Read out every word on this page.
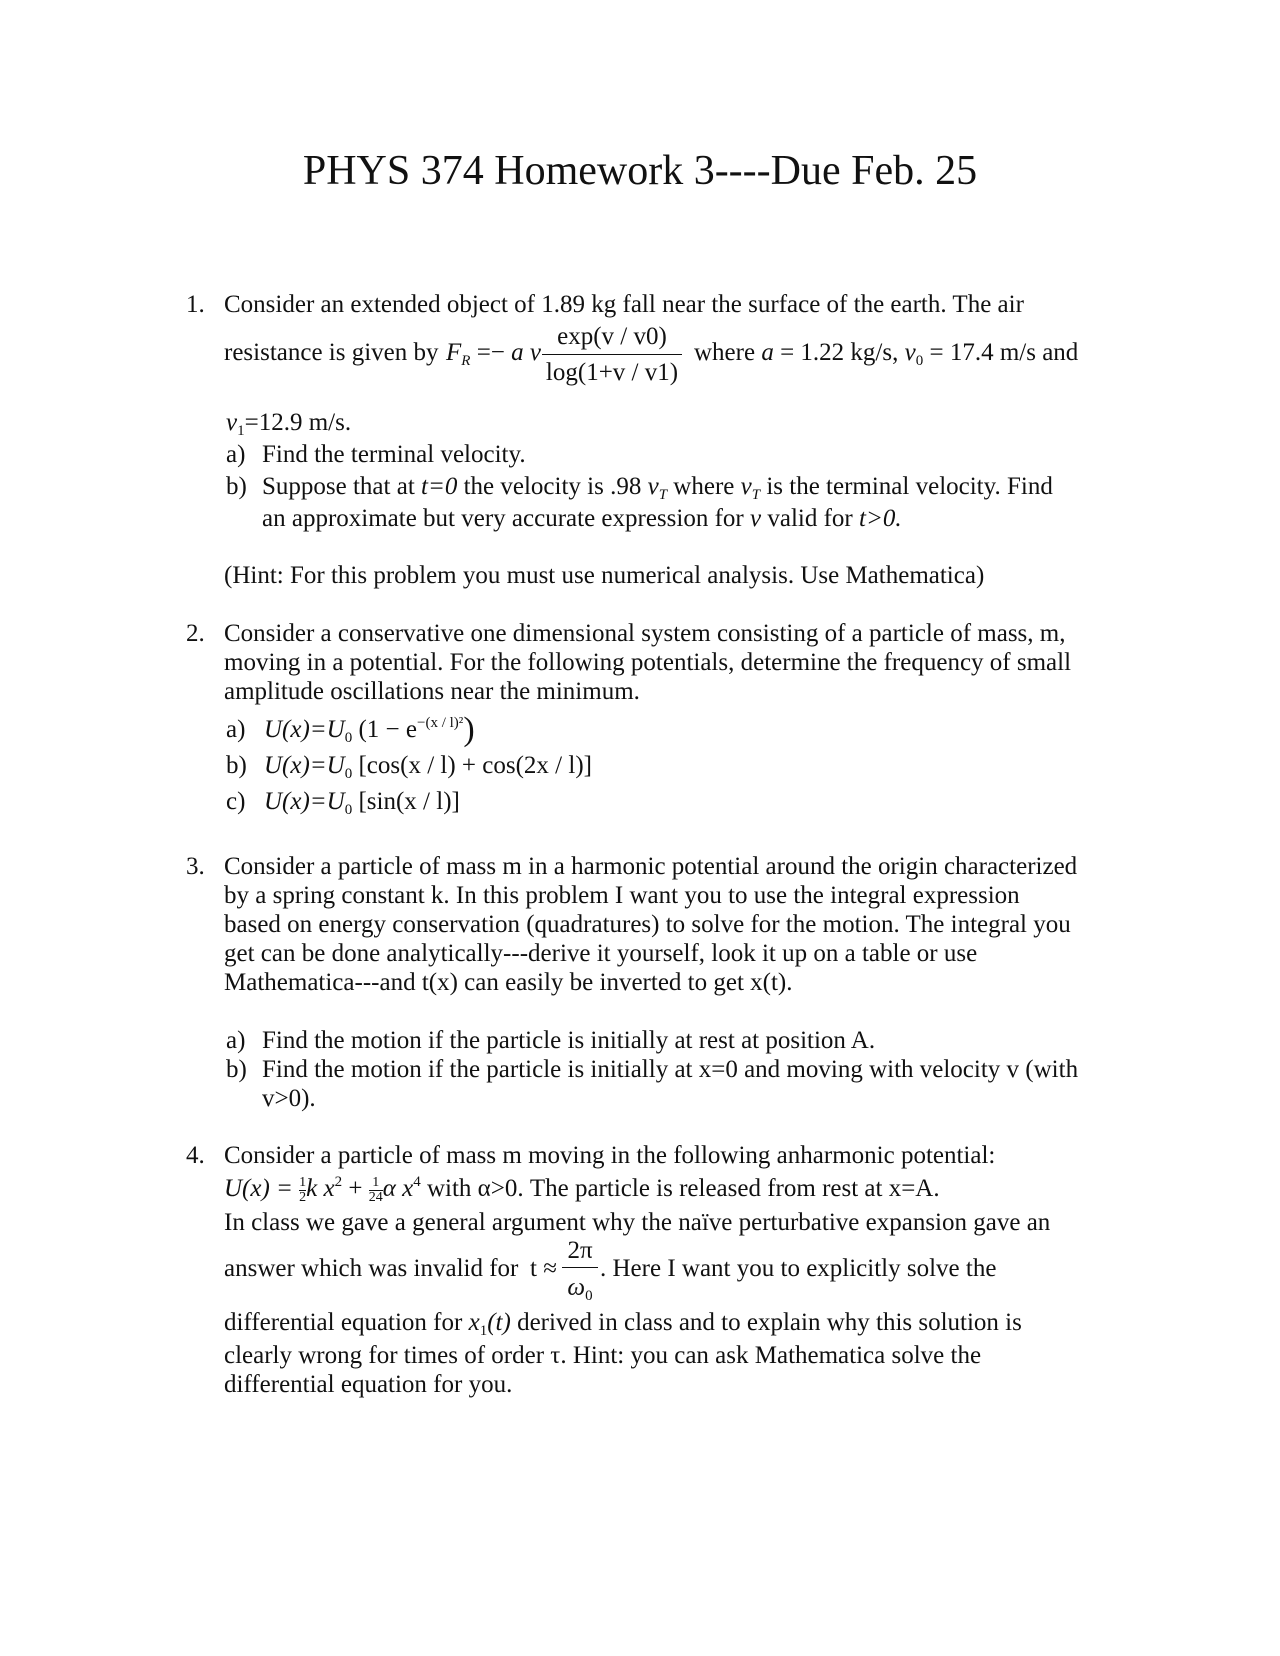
PHYS 374 Homework 3----Due Feb. 25
1. Consider an extended object of 1.89 kg fall near the surface of the earth. The air
resistance is given by $F_R =- a$ v
exp(v / v0)
log(1+v / v1)
where a = 1.22 kg/s, $v_0 = 17.4$ m/s and
$v_1=12.9$ m/s.
a) Find the terminal velocity.
b) Suppose that at t=0 the velocity is .98 $v_T$ where $v_T$ is the terminal velocity. Find
an approximate but very accurate expression for v valid for t>0.
(Hint: For this problem you must use numerical analysis. Use Mathematica)
2. Consider a conservative one dimensional system consisting of a particle of mass, m, moving in a potential. For the following potentials, determine the frequency of small amplitude oscillations near the minimum.
a) $U(x)=U_0$ $(1 - e^{-(x / l)^2})$
b) $U(x)=U_0$ [cos(x / l) + cos(2x / l)]
c) $U(x)=U_0$ [sin(x / l)]
3. Consider a particle of mass m in a harmonic potential around the origin characterized
by a spring constant k. In this problem I want you to use the integral expression
based on energy conservation (quadratures) to solve for the motion. The integral you
get can be done analytically---derive it yourself, look it up on a table or use
Mathematica---and t(x) can easily be inverted to get x(t).
a) Find the motion if the particle is initially at rest at position A.
b) Find the motion if the particle is initially at x=0 and moving with velocity v (with
v>0).
4. Consider a particle of mass m moving in the following anharmonic potential:
$U(x) = \frac{1}{2}$ k $x^2 + \frac{1}{24}$ α $x^4$ with α>0. The particle is released from rest at x=A.
In class we gave a general argument why the naïve perturbative expansion gave an
answer which was invalid for t ≈
2π
$\omega_0$
. Here I want you to explicitly solve the
differential equation for $x_1(t)$ derived in class and to explain why this solution is
clearly wrong for times of order τ. Hint: you can ask Mathematica solve the
differential equation for you.
